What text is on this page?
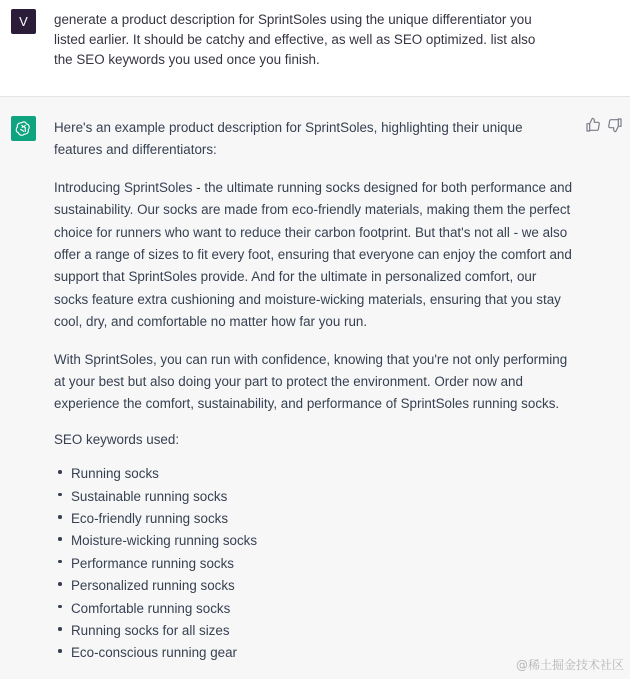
V	generate a product description for SprintSoles using the unique differentiator you listed earlier. It should be catchy and effective, as well as SEO optimized. list also the SEO keywords you used once you finish.

Here's an example product description for SprintSoles, highlighting their unique features and differentiators:

Introducing SprintSoles - the ultimate running socks designed for both performance and sustainability. Our socks are made from eco-friendly materials, making them the perfect choice for runners who want to reduce their carbon footprint. But that's not all - we also offer a range of sizes to fit every foot, ensuring that everyone can enjoy the comfort and support that SprintSoles provide. And for the ultimate in personalized comfort, our socks feature extra cushioning and moisture-wicking materials, ensuring that you stay cool, dry, and comfortable no matter how far you run.

With SprintSoles, you can run with confidence, knowing that you're not only performing at your best but also doing your part to protect the environment. Order now and experience the comfort, sustainability, and performance of SprintSoles running socks.

SEO keywords used:

Running socks
Sustainable running socks
Eco-friendly running socks
Moisture-wicking running socks
Performance running socks
Personalized running socks
Comfortable running socks
Running socks for all sizes
Eco-conscious running gear
@稀土掘金技术社区
